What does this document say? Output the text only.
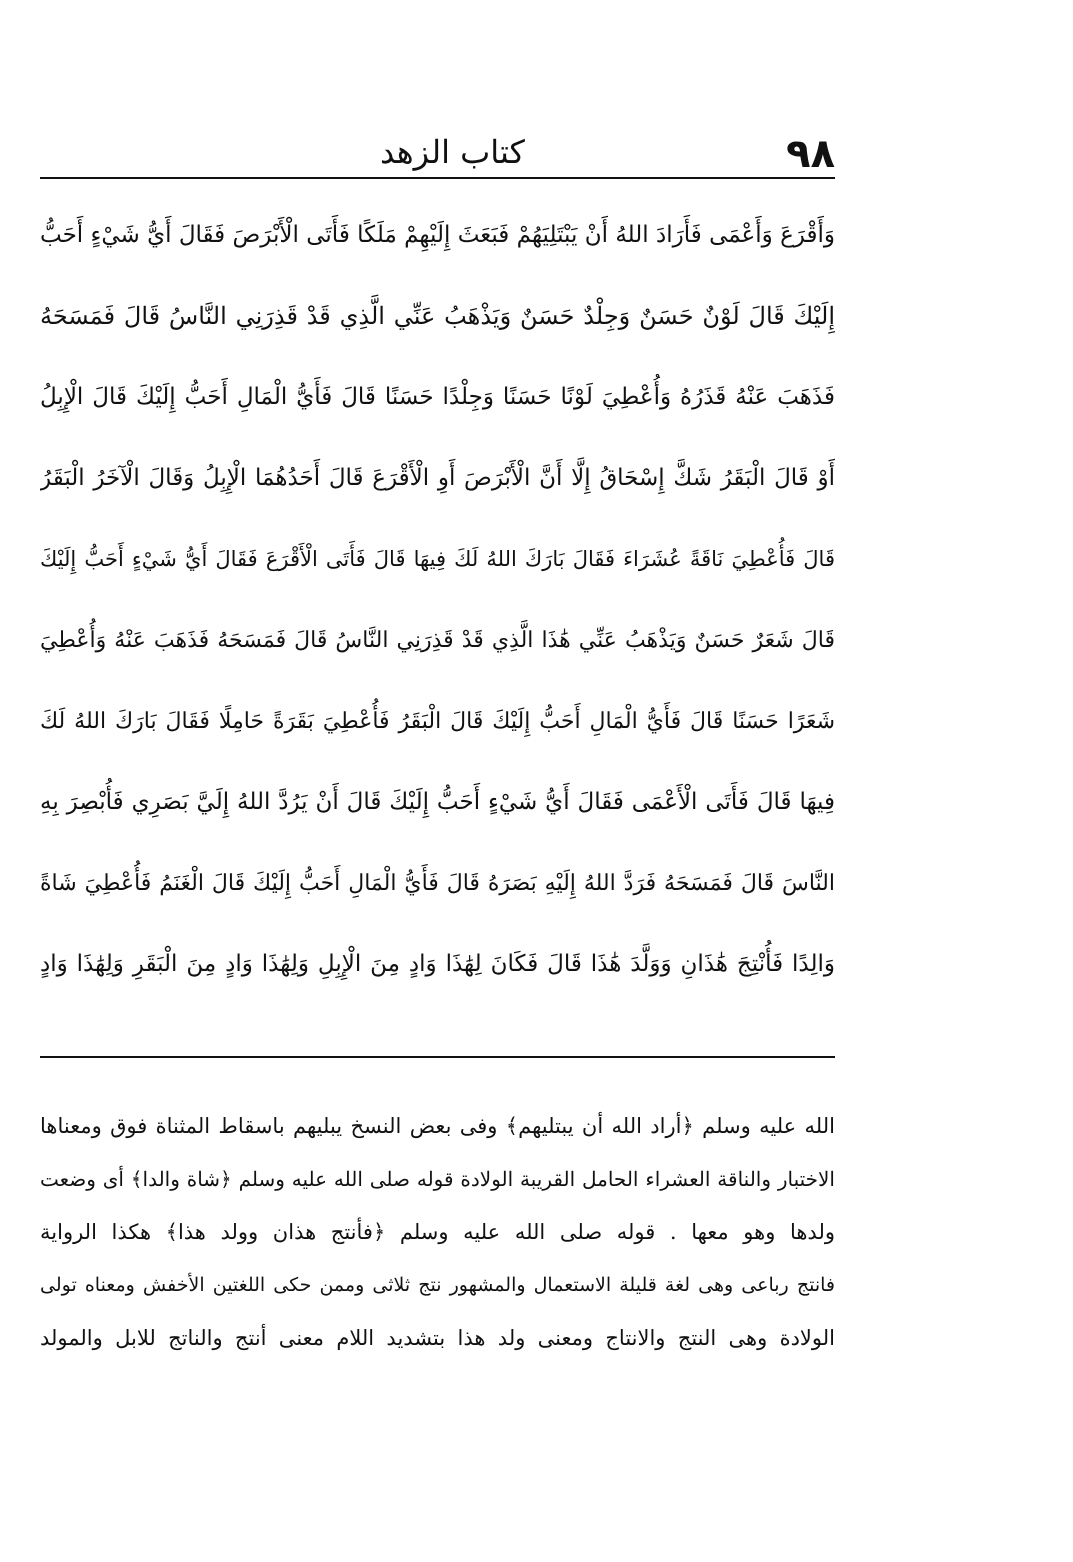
٩٨
كتاب الزهد
وَأَقْرَعَ وَأَعْمَى فَأَرَادَ اللهُ أَنْ يَبْتَلِيَهُمْ فَبَعَثَ إِلَيْهِمْ مَلَكًا فَأَتَى الْأَبْرَصَ فَقَالَ أَيُّ شَيْءٍ أَحَبُّ
إِلَيْكَ قَالَ لَوْنٌ حَسَنٌ وَجِلْدٌ حَسَنٌ وَيَذْهَبُ عَنِّي الَّذِي قَدْ قَذِرَنِي النَّاسُ قَالَ فَمَسَحَهُ
فَذَهَبَ عَنْهُ قَذَرُهُ وَأُعْطِيَ لَوْنًا حَسَنًا وَجِلْدًا حَسَنًا قَالَ فَأَيُّ الْمَالِ أَحَبُّ إِلَيْكَ قَالَ الْإِبِلُ
أَوْ قَالَ الْبَقَرُ شَكَّ إِسْحَاقُ إِلَّا أَنَّ الْأَبْرَصَ أَوِ الْأَقْرَعَ قَالَ أَحَدُهُمَا الْإِبِلُ وَقَالَ الْآخَرُ الْبَقَرُ
قَالَ فَأُعْطِيَ نَاقَةً عُشَرَاءَ فَقَالَ بَارَكَ اللهُ لَكَ فِيهَا قَالَ فَأَتَى الْأَقْرَعَ فَقَالَ أَيُّ شَيْءٍ أَحَبُّ إِلَيْكَ
قَالَ شَعَرٌ حَسَنٌ وَيَذْهَبُ عَنِّي هَٰذَا الَّذِي قَدْ قَذِرَنِي النَّاسُ قَالَ فَمَسَحَهُ فَذَهَبَ عَنْهُ وَأُعْطِيَ
شَعَرًا حَسَنًا قَالَ فَأَيُّ الْمَالِ أَحَبُّ إِلَيْكَ قَالَ الْبَقَرُ فَأُعْطِيَ بَقَرَةً حَامِلًا فَقَالَ بَارَكَ اللهُ لَكَ
فِيهَا قَالَ فَأَتَى الْأَعْمَى فَقَالَ أَيُّ شَيْءٍ أَحَبُّ إِلَيْكَ قَالَ أَنْ يَرُدَّ اللهُ إِلَيَّ بَصَرِي فَأُبْصِرَ بِهِ
النَّاسَ قَالَ فَمَسَحَهُ فَرَدَّ اللهُ إِلَيْهِ بَصَرَهُ قَالَ فَأَيُّ الْمَالِ أَحَبُّ إِلَيْكَ قَالَ الْغَنَمُ فَأُعْطِيَ شَاةً
وَالِدًا فَأُنْتِجَ هَٰذَانِ وَوَلَّدَ هَٰذَا قَالَ فَكَانَ لِهَٰذَا وَادٍ مِنَ الْإِبِلِ وَلِهَٰذَا وَادٍ مِنَ الْبَقَرِ وَلِهَٰذَا وَادٍ
الله عليه وسلم ﴿أراد الله أن يبتليهم﴾ وفى بعض النسخ يبليهم باسقاط المثناة فوق ومعناها
الاختبار والناقة العشراء الحامل القريبة الولادة قوله صلى الله عليه وسلم ﴿شاة والدا﴾ أى وضعت
ولدها وهو معها . قوله صلى الله عليه وسلم ﴿فأنتج هذان وولد هذا﴾ هكذا الرواية
فانتج رباعى وهى لغة قليلة الاستعمال والمشهور نتج ثلاثى وممن حكى اللغتين الأخفش ومعناه تولى
الولادة وهى النتج والانتاج ومعنى ولد هذا بتشديد اللام معنى أنتج والناتج للابل والمولد
